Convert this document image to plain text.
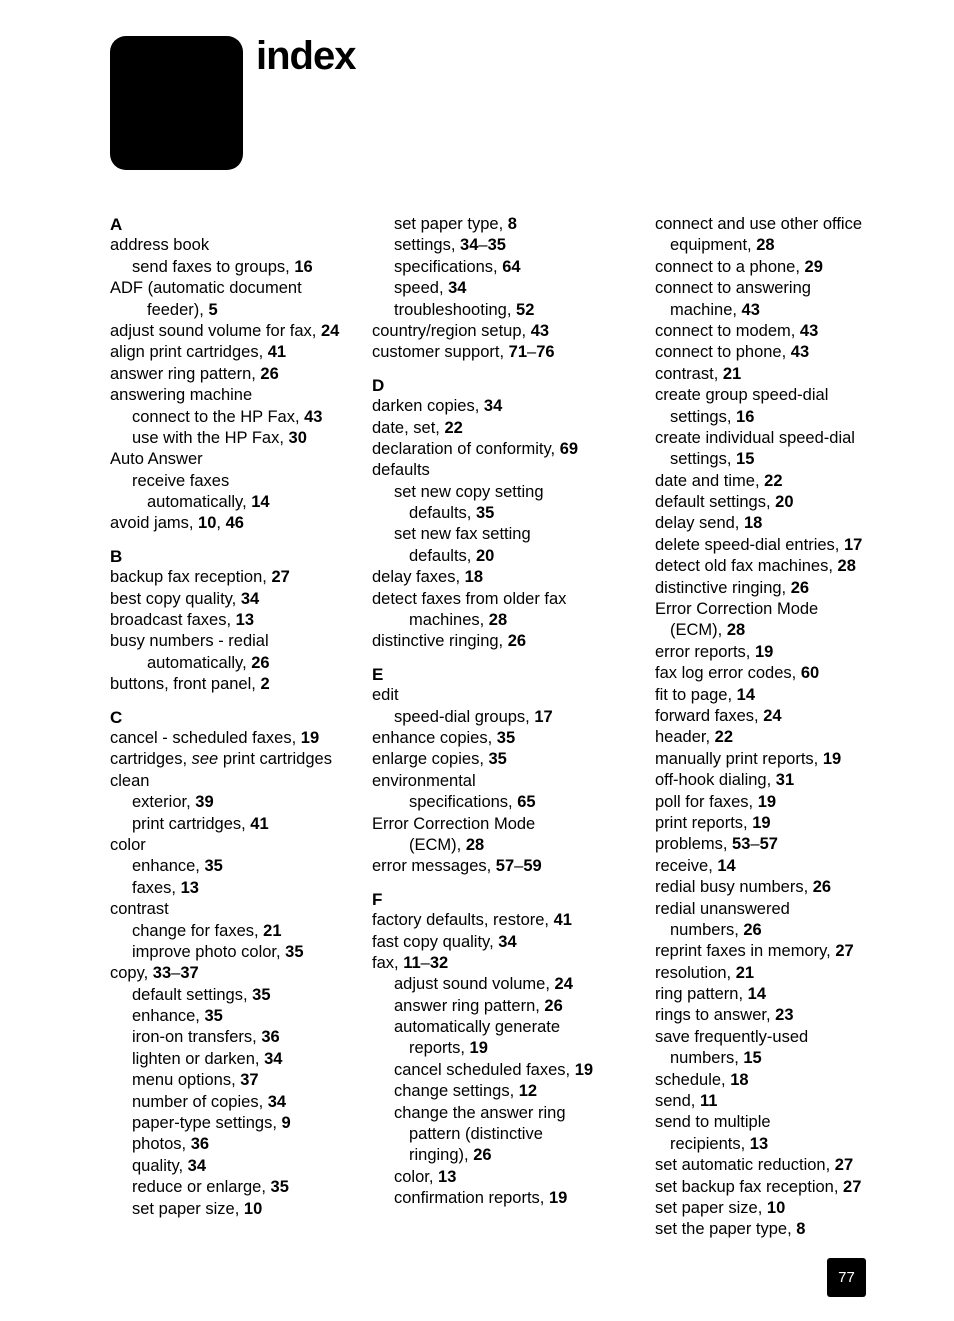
index
A
address book
send faxes to groups, 16
ADF (automatic document
feeder), 5
adjust sound volume for fax, 24
align print cartridges, 41
answer ring pattern, 26
answering machine
connect to the HP Fax, 43
use with the HP Fax, 30
Auto Answer
receive faxes
automatically, 14
avoid jams, 10, 46
B
backup fax reception, 27
best copy quality, 34
broadcast faxes, 13
busy numbers - redial
automatically, 26
buttons, front panel, 2
C
cancel - scheduled faxes, 19
cartridges, see print cartridges
clean
exterior, 39
print cartridges, 41
color
enhance, 35
faxes, 13
contrast
change for faxes, 21
improve photo color, 35
copy, 33–37
default settings, 35
enhance, 35
iron-on transfers, 36
lighten or darken, 34
menu options, 37
number of copies, 34
paper-type settings, 9
photos, 36
quality, 34
reduce or enlarge, 35
set paper size, 10
set paper type, 8
settings, 34–35
specifications, 64
speed, 34
troubleshooting, 52
country/region setup, 43
customer support, 71–76
D
darken copies, 34
date, set, 22
declaration of conformity, 69
defaults
set new copy setting
defaults, 35
set new fax setting
defaults, 20
delay faxes, 18
detect faxes from older fax
machines, 28
distinctive ringing, 26
E
edit
speed-dial groups, 17
enhance copies, 35
enlarge copies, 35
environmental
specifications, 65
Error Correction Mode
(ECM), 28
error messages, 57–59
F
factory defaults, restore, 41
fast copy quality, 34
fax, 11–32
adjust sound volume, 24
answer ring pattern, 26
automatically generate
reports, 19
cancel scheduled faxes, 19
change settings, 12
change the answer ring
pattern (distinctive
ringing), 26
color, 13
confirmation reports, 19
connect and use other office
equipment, 28
connect to a phone, 29
connect to answering
machine, 43
connect to modem, 43
connect to phone, 43
contrast, 21
create group speed-dial
settings, 16
create individual speed-dial
settings, 15
date and time, 22
default settings, 20
delay send, 18
delete speed-dial entries, 17
detect old fax machines, 28
distinctive ringing, 26
Error Correction Mode
(ECM), 28
error reports, 19
fax log error codes, 60
fit to page, 14
forward faxes, 24
header, 22
manually print reports, 19
off-hook dialing, 31
poll for faxes, 19
print reports, 19
problems, 53–57
receive, 14
redial busy numbers, 26
redial unanswered
numbers, 26
reprint faxes in memory, 27
resolution, 21
ring pattern, 14
rings to answer, 23
save frequently-used
numbers, 15
schedule, 18
send, 11
send to multiple
recipients, 13
set automatic reduction, 27
set backup fax reception, 27
set paper size, 10
set the paper type, 8
77
